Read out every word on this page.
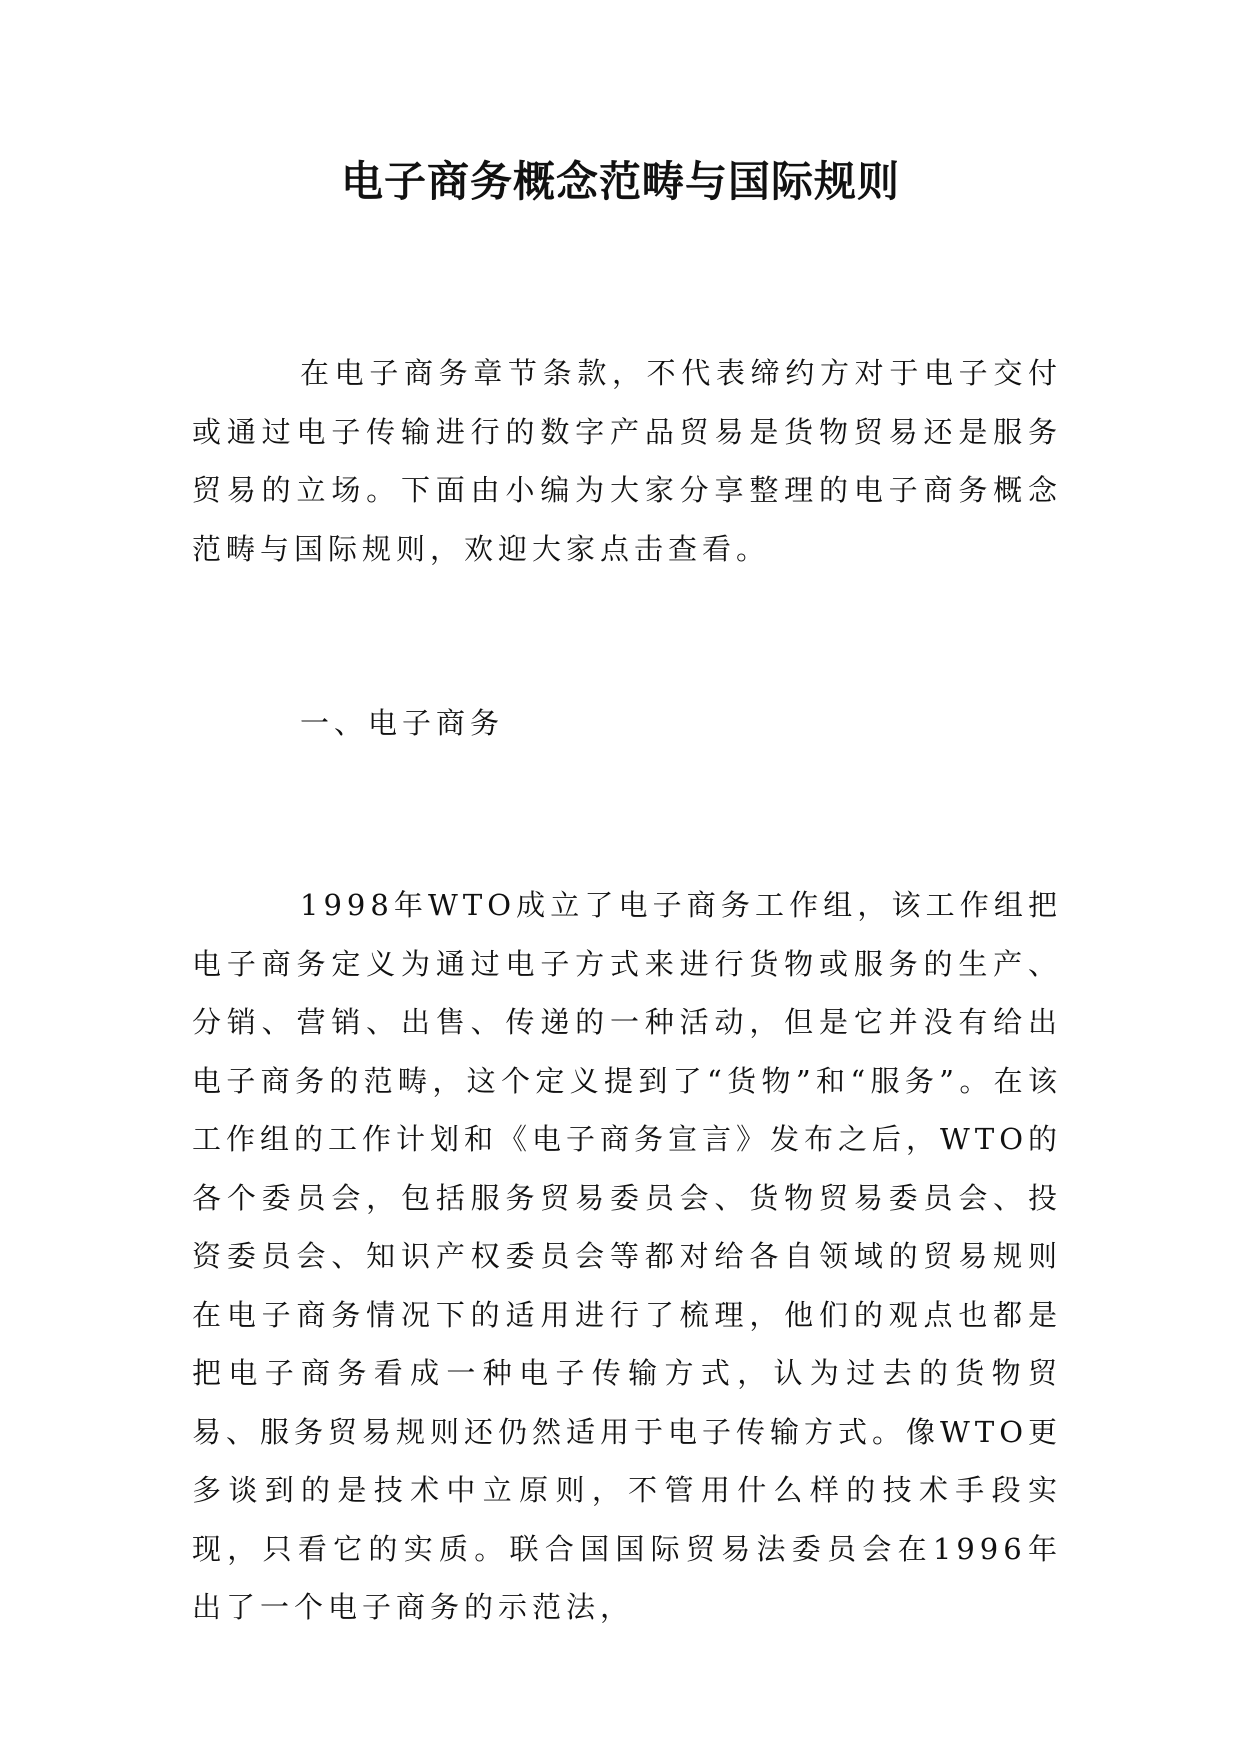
电子商务概念范畴与国际规则

在电子商务章节条款，不代表缔约方对于电子交付或通过电子传输进行的数字产品贸易是货物贸易还是服务贸易的立场。下面由小编为大家分享整理的电子商务概念范畴与国际规则，欢迎大家点击查看。

一、电子商务

1998年WTO成立了电子商务工作组，该工作组把电子商务定义为通过电子方式来进行货物或服务的生产、分销、营销、出售、传递的一种活动，但是它并没有给出电子商务的范畴，这个定义提到了“货物”和“服务”。在该工作组的工作计划和《电子商务宣言》发布之后，WTO的各个委员会，包括服务贸易委员会、货物贸易委员会、投资委员会、知识产权委员会等都对给各自领域的贸易规则在电子商务情况下的适用进行了梳理，他们的观点也都是把电子商务看成一种电子传输方式，认为过去的货物贸易、服务贸易规则还仍然适用于电子传输方式。像WTO更多谈到的是技术中立原则，不管用什么样的技术手段实现，只看它的实质。联合国国际贸易法委员会在1996年出了一个电子商务的示范法，
